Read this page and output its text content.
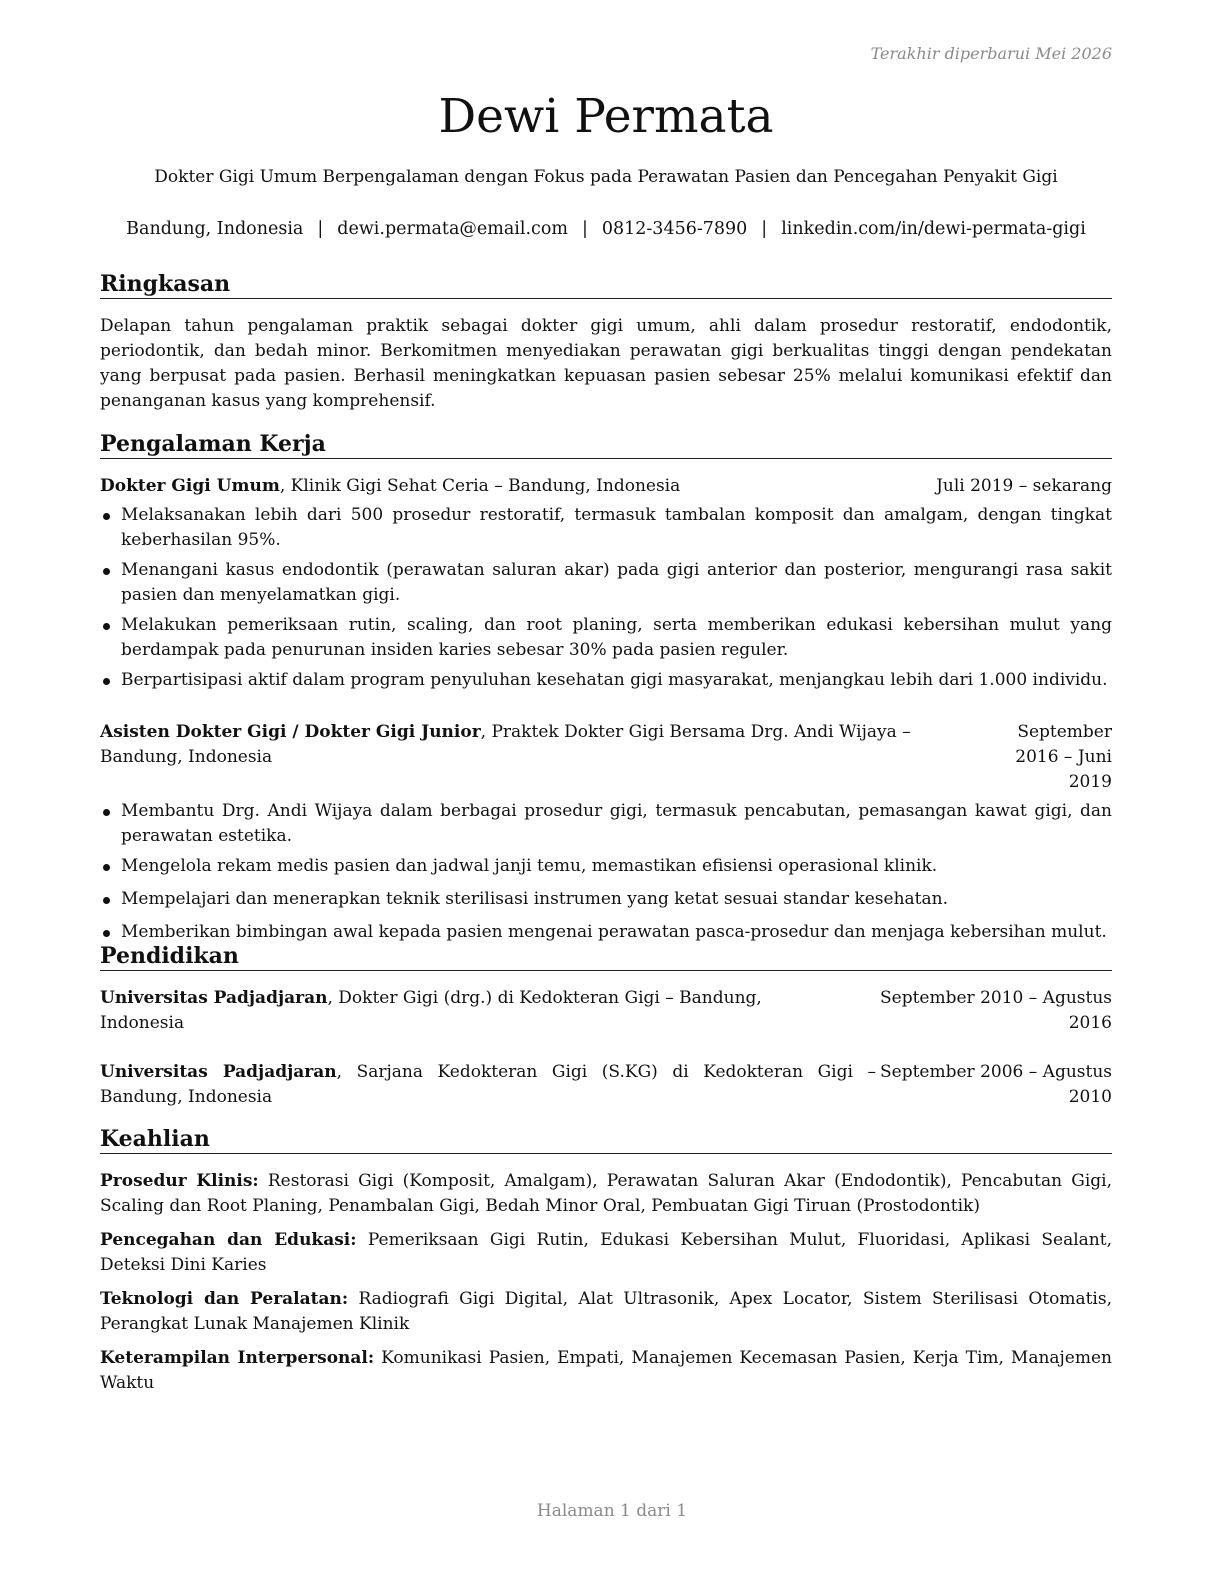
Terakhir diperbarui Mei 2026
Dewi Permata
Dokter Gigi Umum Berpengalaman dengan Fokus pada Perawatan Pasien dan Pencegahan Penyakit Gigi
Bandung, Indonesia | dewi.permata@email.com | 0812-3456-7890 | linkedin.com/in/dewi-permata-gigi
Ringkasan
Delapan tahun pengalaman praktik sebagai dokter gigi umum, ahli dalam prosedur restoratif, endodontik, periodontik, dan bedah minor. Berkomitmen menyediakan perawatan gigi berkualitas tinggi dengan pendekatan yang berpusat pada pasien. Berhasil meningkatkan kepuasan pasien sebesar 25% melalui komunikasi efektif dan penanganan kasus yang komprehensif.
Pengalaman Kerja
Dokter Gigi Umum, Klinik Gigi Sehat Ceria – Bandung, Indonesia	Juli 2019 – sekarang
Melaksanakan lebih dari 500 prosedur restoratif, termasuk tambalan komposit dan amalgam, dengan tingkat keberhasilan 95%.
Menangani kasus endodontik (perawatan saluran akar) pada gigi anterior dan posterior, mengurangi rasa sakit pasien dan menyelamatkan gigi.
Melakukan pemeriksaan rutin, scaling, dan root planing, serta memberikan edukasi kebersihan mulut yang berdampak pada penurunan insiden karies sebesar 30% pada pasien reguler.
Berpartisipasi aktif dalam program penyuluhan kesehatan gigi masyarakat, menjangkau lebih dari 1.000 individu.
Asisten Dokter Gigi / Dokter Gigi Junior, Praktek Dokter Gigi Bersama Drg. Andi Wijaya – Bandung, Indonesia
September 2016 – Juni 2019
Membantu Drg. Andi Wijaya dalam berbagai prosedur gigi, termasuk pencabutan, pemasangan kawat gigi, dan perawatan estetika.
Mengelola rekam medis pasien dan jadwal janji temu, memastikan efisiensi operasional klinik.
Mempelajari dan menerapkan teknik sterilisasi instrumen yang ketat sesuai standar kesehatan.
Memberikan bimbingan awal kepada pasien mengenai perawatan pasca-prosedur dan menjaga kebersihan mulut.
Pendidikan
Universitas Padjadjaran, Dokter Gigi (drg.) di Kedokteran Gigi – Bandung, Indonesia
September 2010 – Agustus 2016
Universitas Padjadjaran, Sarjana Kedokteran Gigi (S.KG) di Kedokteran Gigi – Bandung, Indonesia
September 2006 – Agustus 2010
Keahlian
Prosedur Klinis: Restorasi Gigi (Komposit, Amalgam), Perawatan Saluran Akar (Endodontik), Pencabutan Gigi, Scaling dan Root Planing, Penambalan Gigi, Bedah Minor Oral, Pembuatan Gigi Tiruan (Prostodontik)
Pencegahan dan Edukasi: Pemeriksaan Gigi Rutin, Edukasi Kebersihan Mulut, Fluoridasi, Aplikasi Sealant, Deteksi Dini Karies
Teknologi dan Peralatan: Radiografi Gigi Digital, Alat Ultrasonik, Apex Locator, Sistem Sterilisasi Otomatis, Perangkat Lunak Manajemen Klinik
Keterampilan Interpersonal: Komunikasi Pasien, Empati, Manajemen Kecemasan Pasien, Kerja Tim, Manajemen Waktu
Halaman 1 dari 1
